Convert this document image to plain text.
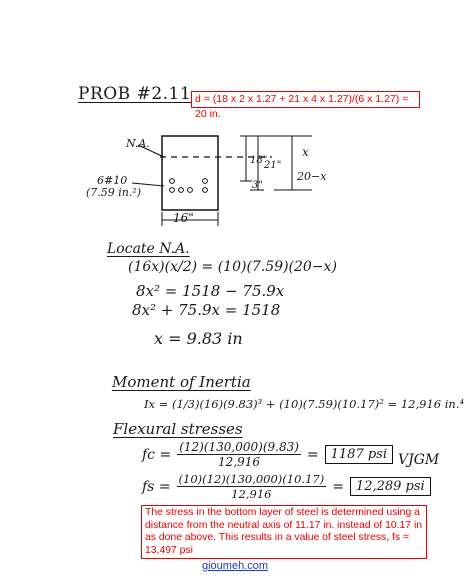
PROB #2.11 d = (18 x 2 x 1.27 + 21 x 4 x 1.27)/(6 x 1.27) = 20 in.
N.A.
6#10
(7.59 in.²)
16"
18"
21"
3"
x
20−x
Locate N.A.
(16x)(x/2) = (10)(7.59)(20−x)
8x² = 1518 − 75.9x
8x² + 75.9x = 1518
x = 9.83 in
Moment of Inertia
Ix = (1/3)(16)(9.83)³ + (10)(7.59)(10.17)² = 12,916 in.⁴
Flexural stresses
fc = $\frac{(12)(130,000)(9.83)}{12,916} = 1187$ psi VJGM
fs = $\frac{(10)(12)(130,000)(10.17)}{12,916} = 12,289$ psi
The stress in the bottom layer of steel is determined using a distance from the neutral axis of 11.17 in. instead of 10.17 in as done above. This results in a value of steel stress, fs = 13,497 psi
gioumeh.com
